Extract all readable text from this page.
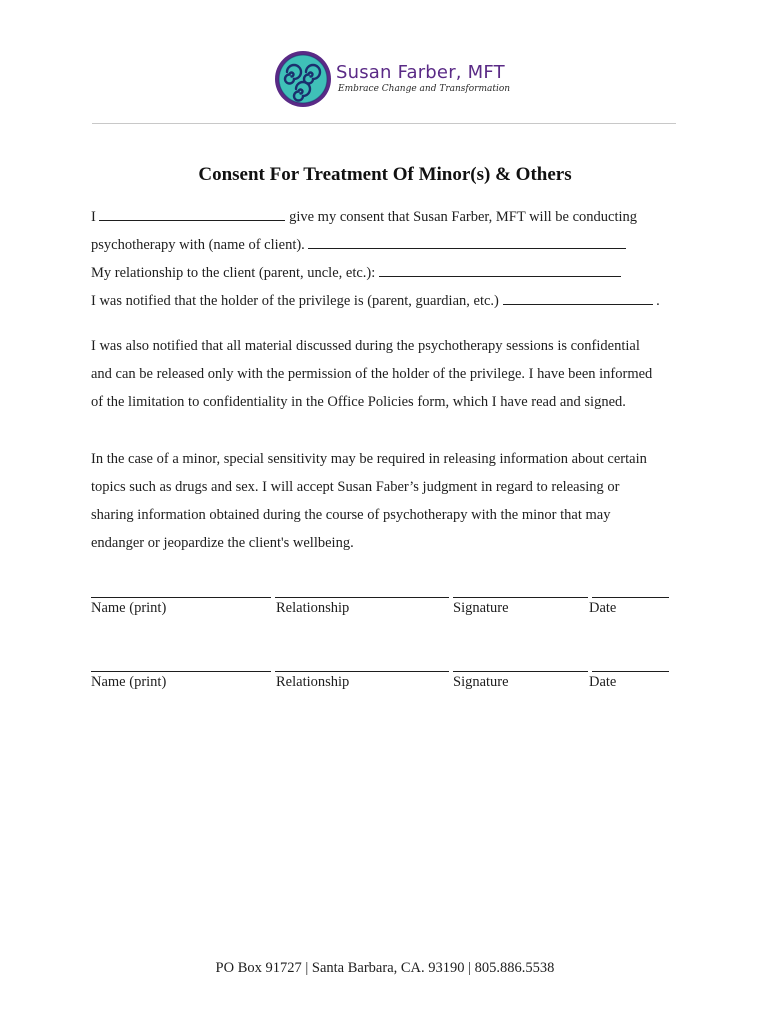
Susan Farber, MFT
Embrace Change and Transformation
Consent For Treatment Of Minor(s) & Others
I	give my consent that Susan Farber, MFT will be conducting
psychotherapy with (name of client).
My relationship to the client (parent, uncle, etc.):
I was notified that the holder of the privilege is (parent, guardian, etc.)	.
I was also notified that all material discussed during the psychotherapy sessions is confidential
and can be released only with the permission of the holder of the privilege. I have been informed
of the limitation to confidentiality in the Office Policies form, which I have read and signed.
In the case of a minor, special sensitivity may be required in releasing information about certain
topics such as drugs and sex. I will accept Susan Faber’s judgment in regard to releasing or
sharing information obtained during the course of psychotherapy with the minor that may
endanger or jeopardize the client's wellbeing.
Name (print)	Relationship	Signature	Date
Name (print)	Relationship	Signature	Date
PO Box 91727 | Santa Barbara, CA. 93190 | 805.886.5538
